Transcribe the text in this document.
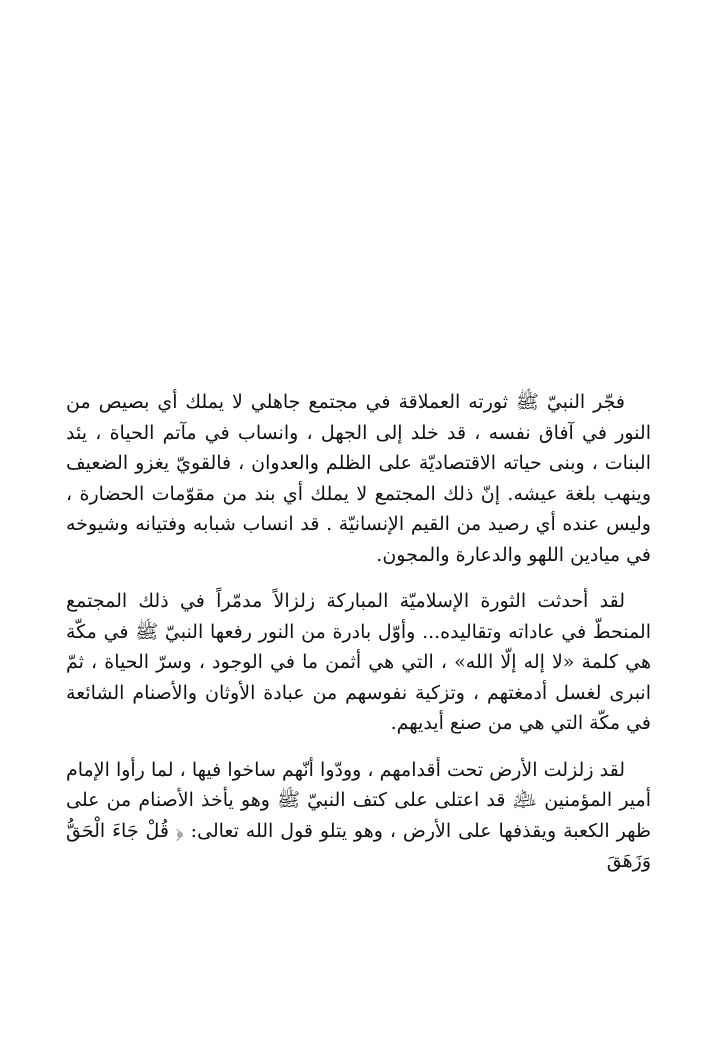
فجّر النبيّ ﷺ ثورته العملاقة في مجتمع جاهلي لا يملك أي بصيص من النور في آفاق نفسه ، قد خلد إلى الجهل ، وانساب في مآتم الحياة ، يئد البنات ، وبنى حياته الاقتصاديّة على الظلم والعدوان ، فالقويّ يغزو الضعيف وينهب بلغة عيشه. إنّ ذلك المجتمع لا يملك أي بند من مقوّمات الحضارة ، وليس عنده أي رصيد من القيم الإنسانيّة . قد انساب شبابه وفتيانه وشيوخه في ميادين اللهو والدعارة والمجون.

لقد أحدثت الثورة الإسلاميّة المباركة زلزالاً مدمّراً في ذلك المجتمع المنحطّ في عاداته وتقاليده... وأوّل بادرة من النور رفعها النبيّ ﷺ في مكّة هي كلمة «لا إله إلّا الله» ، التي هي أثمن ما في الوجود ، وسرّ الحياة ، ثمّ انبرى لغسل أدمغتهم ، وتزكية نفوسهم من عبادة الأوثان والأصنام الشائعة في مكّة التي هي من صنع أيديهم.

لقد زلزلت الأرض تحت أقدامهم ، وودّوا أنّهم ساخوا فيها ، لما رأوا الإمام أمير المؤمنين ﵇ قد اعتلى على كتف النبيّ ﷺ وهو يأخذ الأصنام من على ظهر الكعبة ويقذفها على الأرض ، وهو يتلو قول الله تعالى: ﴿ قُلْ جَاءَ الْحَقُّ وَزَهَقَ
